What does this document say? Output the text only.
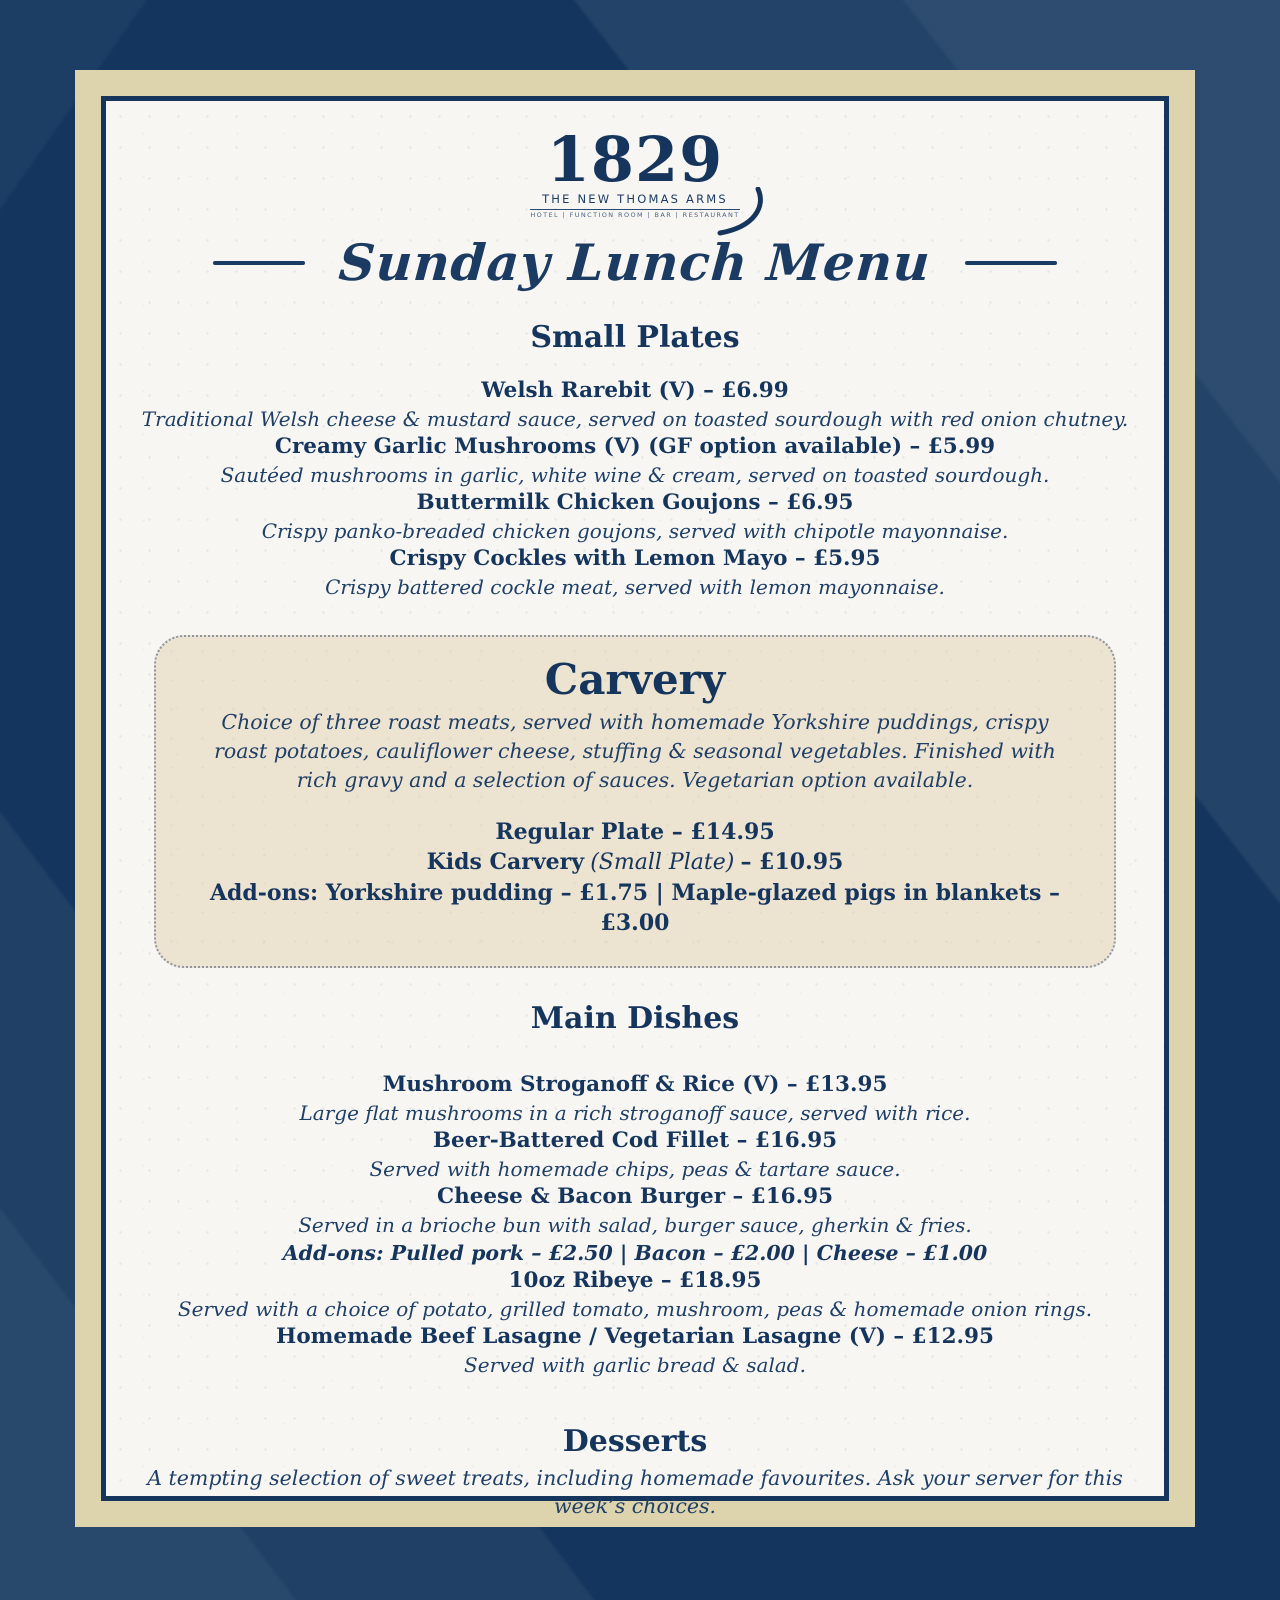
1829
THE NEW THOMAS ARMS
HOTEL | FUNCTION ROOM | BAR | RESTAURANT
Sunday Lunch Menu
Small Plates
Welsh Rarebit (V) – £6.99
Traditional Welsh cheese & mustard sauce, served on toasted sourdough with red onion chutney.
Creamy Garlic Mushrooms (V) (GF option available) – £5.99
Sautéed mushrooms in garlic, white wine & cream, served on toasted sourdough.
Buttermilk Chicken Goujons – £6.95
Crispy panko-breaded chicken goujons, served with chipotle mayonnaise.
Crispy Cockles with Lemon Mayo – £5.95
Crispy battered cockle meat, served with lemon mayonnaise.
Carvery
Choice of three roast meats, served with homemade Yorkshire puddings, crispy roast potatoes, cauliflower cheese, stuffing & seasonal vegetables. Finished with rich gravy and a selection of sauces. Vegetarian option available.
Regular Plate – £14.95
Kids Carvery (Small Plate) – £10.95
Add-ons: Yorkshire pudding – £1.75 | Maple-glazed pigs in blankets – £3.00
Main Dishes
Mushroom Stroganoff & Rice (V) – £13.95
Large flat mushrooms in a rich stroganoff sauce, served with rice.
Beer-Battered Cod Fillet – £16.95
Served with homemade chips, peas & tartare sauce.
Cheese & Bacon Burger – £16.95
Served in a brioche bun with salad, burger sauce, gherkin & fries.
Add-ons: Pulled pork – £2.50 | Bacon – £2.00 | Cheese – £1.00
10oz Ribeye – £18.95
Served with a choice of potato, grilled tomato, mushroom, peas & homemade onion rings.
Homemade Beef Lasagne / Vegetarian Lasagne (V) – £12.95
Served with garlic bread & salad.
Desserts
A tempting selection of sweet treats, including homemade favourites. Ask your server for this week’s choices.
